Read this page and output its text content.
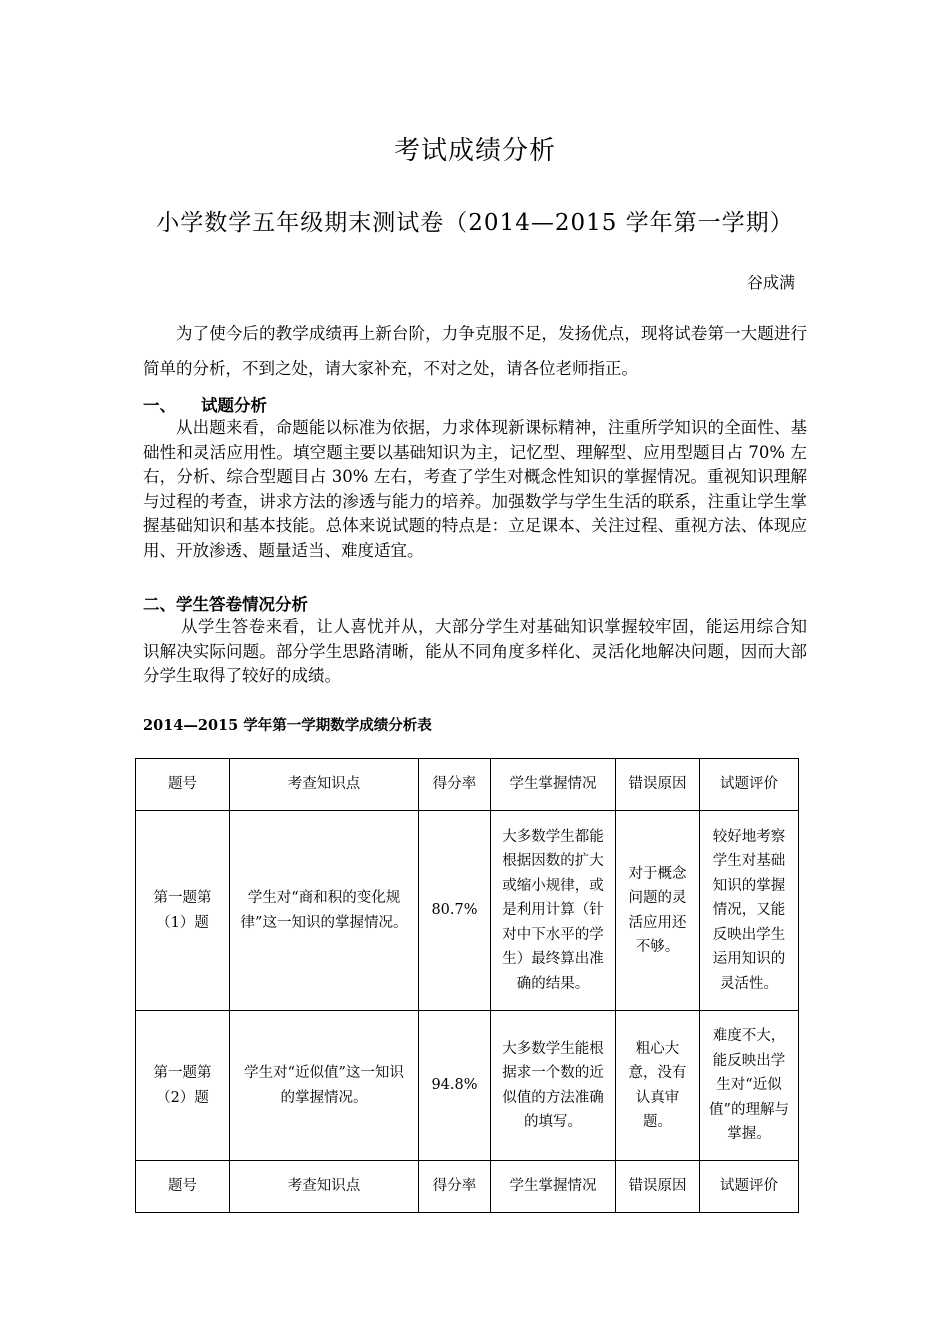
考试成绩分析
小学数学五年级期末测试卷（2014—2015 学年第一学期）
谷成满

为了使今后的教学成绩再上新台阶，力争克服不足，发扬优点，现将试卷第一大题进行简单的分析，不到之处，请大家补充，不对之处，请各位老师指正。

一、 试题分析

从出题来看，命题能以标准为依据，力求体现新课标精神，注重所学知识的全面性、基础性和灵活应用性。填空题主要以基础知识为主，记忆型、理解型、应用型题目占 70% 左右，分析、综合型题目占 30% 左右，考查了学生对概念性知识的掌握情况。重视知识理解与过程的考查，讲求方法的渗透与能力的培养。加强数学与学生生活的联系，注重让学生掌握基础知识和基本技能。总体来说试题的特点是：立足课本、关注过程、重视方法、体现应用、开放渗透、题量适当、难度适宜。

二、学生答卷情况分析

从学生答卷来看，让人喜忧并从，大部分学生对基础知识掌握较牢固，能运用综合知识解决实际问题。部分学生思路清晰，能从不同角度多样化、灵活化地解决问题，因而大部分学生取得了较好的成绩。

2014—2015 学年第一学期数学成绩分析表
题号	考查知识点	得分率	学生掌握情况	错误原因	试题评价
第一题第（1）题	学生对“商和积的变化规律”这一知识的掌握情况。	80.7%	大多数学生都能根据因数的扩大或缩小规律，或是利用计算（针对中下水平的学生）最终算出准确的结果。	对于概念问题的灵活应用还不够。	较好地考察学生对基础知识的掌握情况，又能反映出学生运用知识的灵活性。
第一题第（2）题	学生对“近似值”这一知识的掌握情况。	94.8%	大多数学生能根据求一个数的近似值的方法准确的填写。	粗心大意，没有认真审题。	难度不大，能反映出学生对“近似值”的理解与掌握。
题号	考查知识点	得分率	学生掌握情况	错误原因	试题评价
